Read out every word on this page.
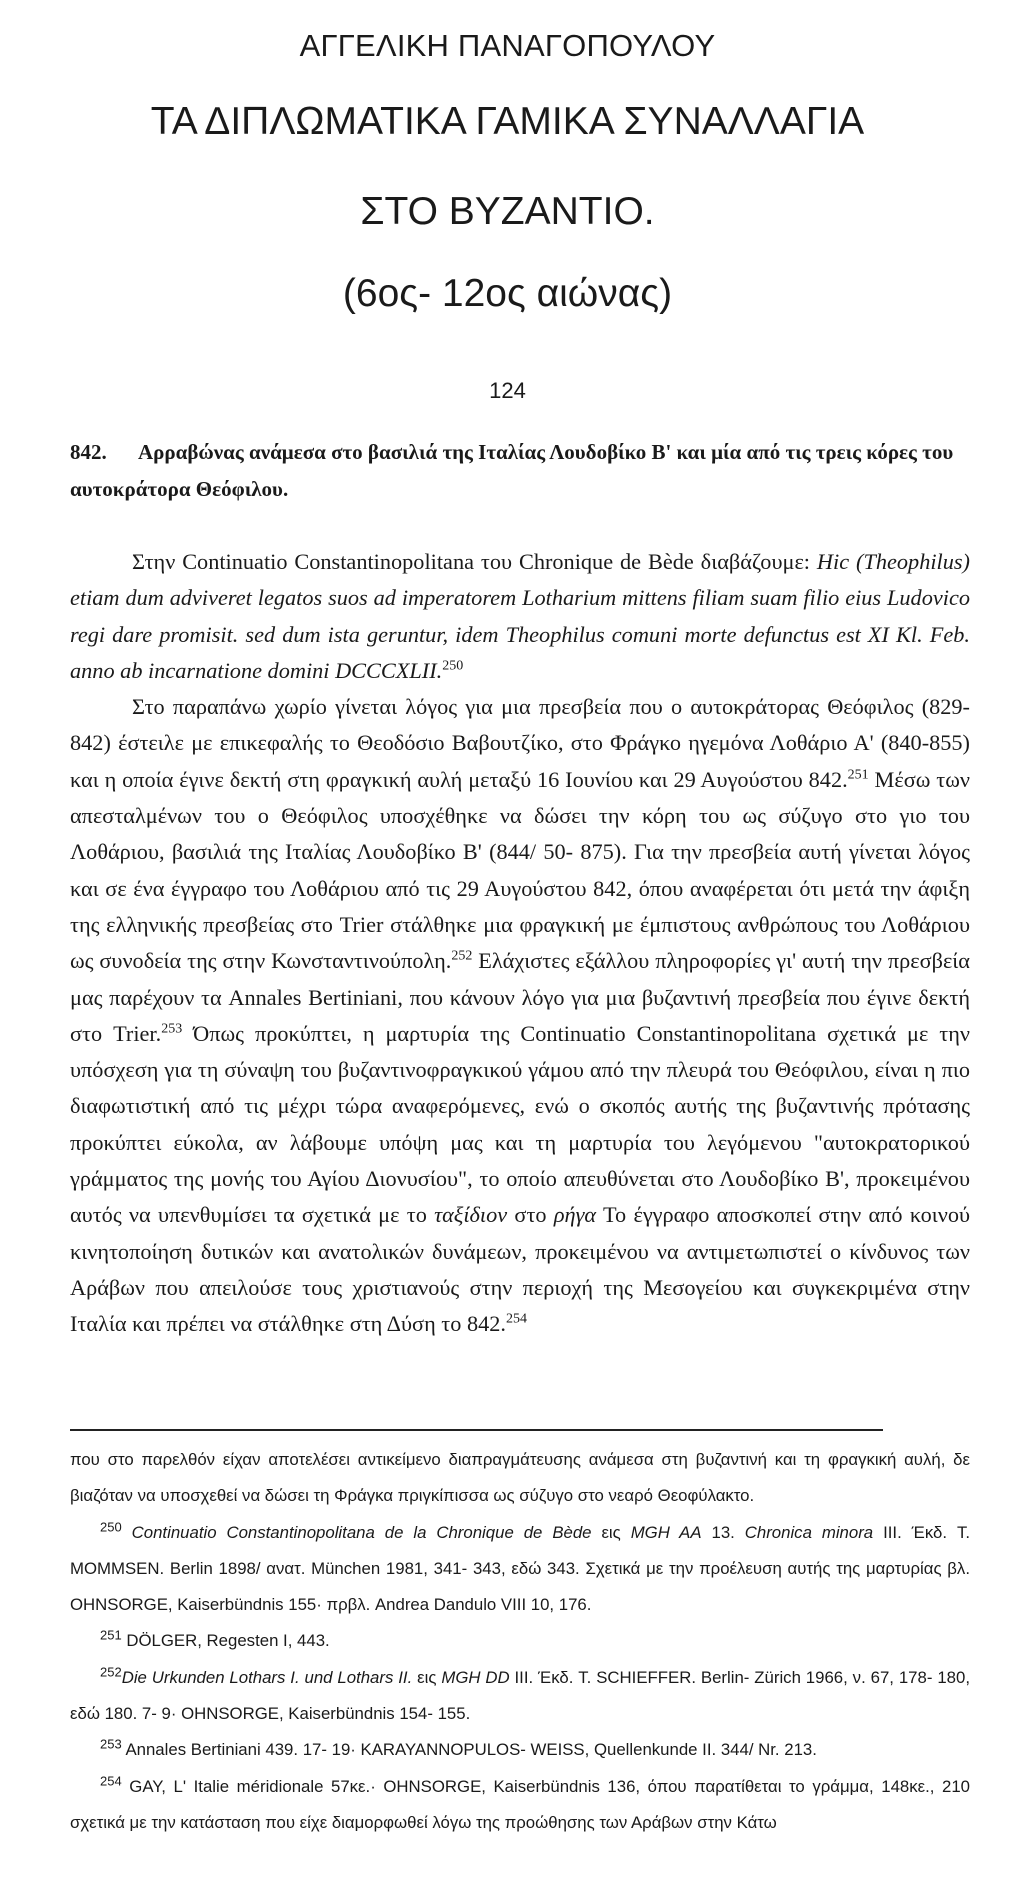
ΑΓΓΕΛΙΚΗ ΠΑΝΑΓΟΠΟΥΛΟΥ
ΤΑ ΔΙΠΛΩΜΑΤΙΚΑ ΓΑΜΙΚΑ ΣΥΝΑΛΛΑΓΙΑ
ΣΤΟ ΒΥΖΑΝΤΙΟ.
(6ος- 12ος αιώνας)
124
842. Αρραβώνας ανάμεσα στο βασιλιά της Ιταλίας Λουδοβίκο Β' και μία από τις τρεις κόρες του αυτοκράτορα Θεόφιλου.

Στην Continuatio Constantinopolitana του Chronique de Bède διαβάζουμε: Hic (Theophilus) etiam dum adviveret legatos suos ad imperatorem Lotharium mittens filiam suam filio eius Ludovico regi dare promisit. sed dum ista geruntur, idem Theophilus comuni morte defunctus est XI Kl. Feb. anno ab incarnatione domini DCCCXLII.$^{250}$

Στο παραπάνω χωρίο γίνεται λόγος για μια πρεσβεία που ο αυτοκράτορας Θεόφιλος (829- 842) έστειλε με επικεφαλής το Θεοδόσιο Βαβουτζίκο, στο Φράγκο ηγεμόνα Λοθάριο Α' (840-855) και η οποία έγινε δεκτή στη φραγκική αυλή μεταξύ 16 Ιουνίου και 29 Αυγούστου 842.$^{251}$ Μέσω των απεσταλμένων του ο Θεόφιλος υποσχέθηκε να δώσει την κόρη του ως σύζυγο στο γιο του Λοθάριου, βασιλιά της Ιταλίας Λουδοβίκο Β' (844/ 50- 875). Για την πρεσβεία αυτή γίνεται λόγος και σε ένα έγγραφο του Λοθάριου από τις 29 Αυγούστου 842, όπου αναφέρεται ότι μετά την άφιξη της ελληνικής πρεσβείας στο Trier στάλθηκε μια φραγκική με έμπιστους ανθρώπους του Λοθάριου ως συνοδεία της στην Κωνσταντινούπολη.$^{252}$ Ελάχιστες εξάλλου πληροφορίες γι' αυτή την πρεσβεία μας παρέχουν τα Annales Bertiniani, που κάνουν λόγο για μια βυζαντινή πρεσβεία που έγινε δεκτή στο Trier.$^{253}$ Όπως προκύπτει, η μαρτυρία της Continuatio Constantinopolitana σχετικά με την υπόσχεση για τη σύναψη του βυζαντινοφραγκικού γάμου από την πλευρά του Θεόφιλου, είναι η πιο διαφωτιστική από τις μέχρι τώρα αναφερόμενες, ενώ ο σκοπός αυτής της βυζαντινής πρότασης προκύπτει εύκολα, αν λάβουμε υπόψη μας και τη μαρτυρία του λεγόμενου "αυτοκρατορικού γράμματος της μονής του Αγίου Διονυσίου", το οποίο απευθύνεται στο Λουδοβίκο Β', προκειμένου αυτός να υπενθυμίσει τα σχετικά με το ταξίδιον στο ρήγα Το έγγραφο αποσκοπεί στην από κοινού κινητοποίηση δυτικών και ανατολικών δυνάμεων, προκειμένου να αντιμετωπιστεί ο κίνδυνος των Αράβων που απειλούσε τους χριστιανούς στην περιοχή της Μεσογείου και συγκεκριμένα στην Ιταλία και πρέπει να στάλθηκε στη Δύση το 842.$^{254}$

που στο παρελθόν είχαν αποτελέσει αντικείμενο διαπραγμάτευσης ανάμεσα στη βυζαντινή και τη φραγκική αυλή, δε βιαζόταν να υποσχεθεί να δώσει τη Φράγκα πριγκίπισσα ως σύζυγο στο νεαρό Θεοφύλακτο.

$^{250}$ Continuatio Constantinopolitana de la Chronique de Bède εις MGH AA 13. Chronica minora III. Έκδ. T. MOMMSEN. Berlin 1898/ ανατ. München 1981, 341- 343, εδώ 343. Σχετικά με την προέλευση αυτής της μαρτυρίας βλ. OHNSORGE, Kaiserbündnis 155· πρβλ. Andrea Dandulo VIII 10, 176.

$^{251}$ DÖLGER, Regesten I, 443.

$^{252}$Die Urkunden Lothars I. und Lothars II. εις MGH DD III. Έκδ. T. SCHIEFFER. Berlin- Zürich 1966, ν. 67, 178- 180, εδώ 180. 7- 9· OHNSORGE, Kaiserbündnis 154- 155.

$^{253}$ Annales Bertiniani 439. 17- 19· KARAYANNOPULOS- WEISS, Quellenkunde II. 344/ Nr. 213.

$^{254}$ GAY, L' Italie méridionale 57κε.· OHNSORGE, Kaiserbündnis 136, όπου παρατίθεται το γράμμα, 148κε., 210 σχετικά με την κατάσταση που είχε διαμορφωθεί λόγω της προώθησης των Αράβων στην Κάτω
